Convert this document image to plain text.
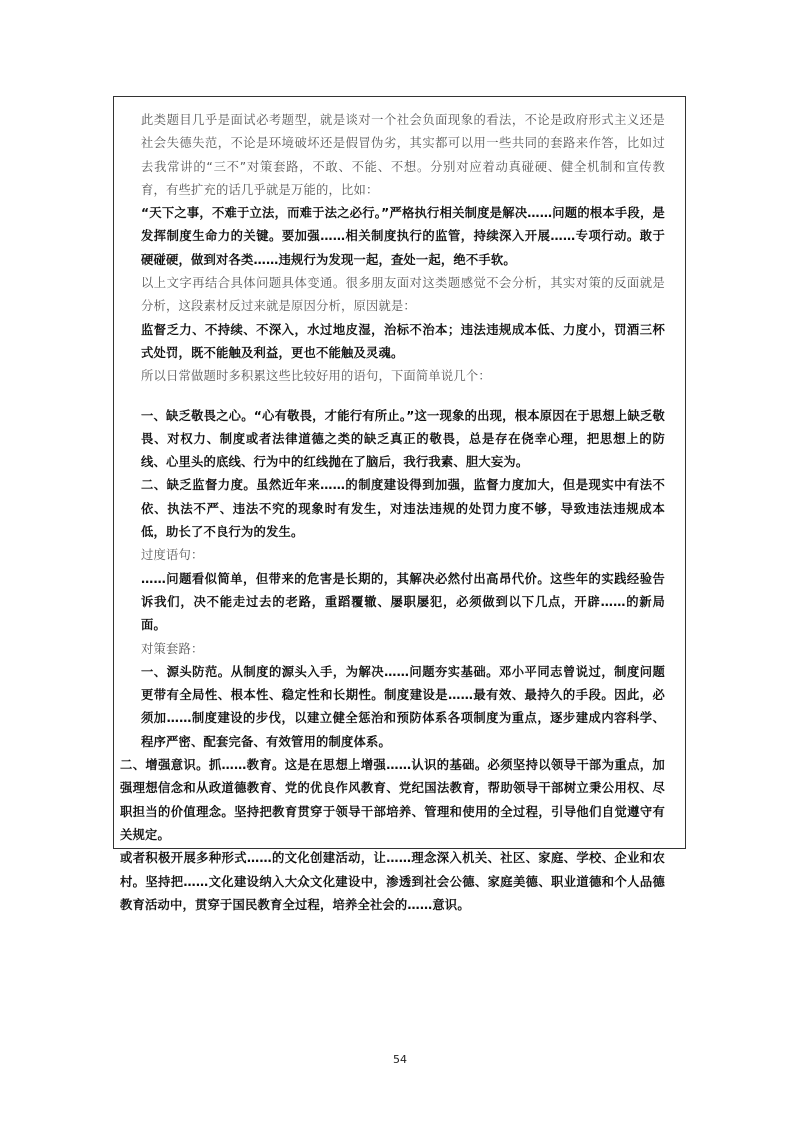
此类题目几乎是面试必考题型，就是谈对一个社会负面现象的看法，不论是政府形式主义还是社会失德失范，不论是环境破坏还是假冒伪劣，其实都可以用一些共同的套路来作答，比如过去我常讲的“三不”对策套路，不敢、不能、不想。分别对应着动真碰硬、健全机制和宣传教育，有些扩充的话几乎就是万能的，比如：

“天下之事，不难于立法，而难于法之必行。”严格执行相关制度是解决……问题的根本手段，是发挥制度生命力的关键。要加强……相关制度执行的监管，持续深入开展……专项行动。敢于硬碰硬，做到对各类……违规行为发现一起，查处一起，绝不手软。

以上文字再结合具体问题具体变通。很多朋友面对这类题感觉不会分析，其实对策的反面就是分析，这段素材反过来就是原因分析，原因就是：

监督乏力、不持续、不深入，水过地皮湿，治标不治本；违法违规成本低、力度小，罚酒三杯式处罚，既不能触及利益，更也不能触及灵魂。

所以日常做题时多积累这些比较好用的语句，下面简单说几个：

一、缺乏敬畏之心。“心有敬畏，才能行有所止。”这一现象的出现，根本原因在于思想上缺乏敬畏、对权力、制度或者法律道德之类的缺乏真正的敬畏，总是存在侥幸心理，把思想上的防线、心里头的底线、行为中的红线抛在了脑后，我行我素、胆大妄为。

二、缺乏监督力度。虽然近年来……的制度建设得到加强，监督力度加大，但是现实中有法不依、执法不严、违法不究的现象时有发生，对违法违规的处罚力度不够，导致违法违规成本低，助长了不良行为的发生。

过度语句：

……问题看似简单，但带来的危害是长期的，其解决必然付出高昂代价。这些年的实践经验告诉我们，决不能走过去的老路，重蹈覆辙、屡职屡犯，必须做到以下几点，开辟……的新局面。

对策套路：

一、源头防范。从制度的源头入手，为解决……问题夯实基础。邓小平同志曾说过，制度问题更带有全局性、根本性、稳定性和长期性。制度建设是……最有效、最持久的手段。因此，必须加……制度建设的步伐，以建立健全惩治和预防体系各项制度为重点，逐步建成内容科学、程序严密、配套完备、有效管用的制度体系。

二、增强意识。抓……教育。这是在思想上增强……认识的基础。必须坚持以领导干部为重点，加强理想信念和从政道德教育、党的优良作风教育、党纪国法教育，帮助领导干部树立秉公用权、尽职担当的价值理念。坚持把教育贯穿于领导干部培养、管理和使用的全过程，引导他们自觉遵守有关规定。

或者积极开展多种形式……的文化创建活动，让……理念深入机关、社区、家庭、学校、企业和农村。坚持把……文化建设纳入大众文化建设中，渗透到社会公德、家庭美德、职业道德和个人品德教育活动中，贯穿于国民教育全过程，培养全社会的……意识。

54
